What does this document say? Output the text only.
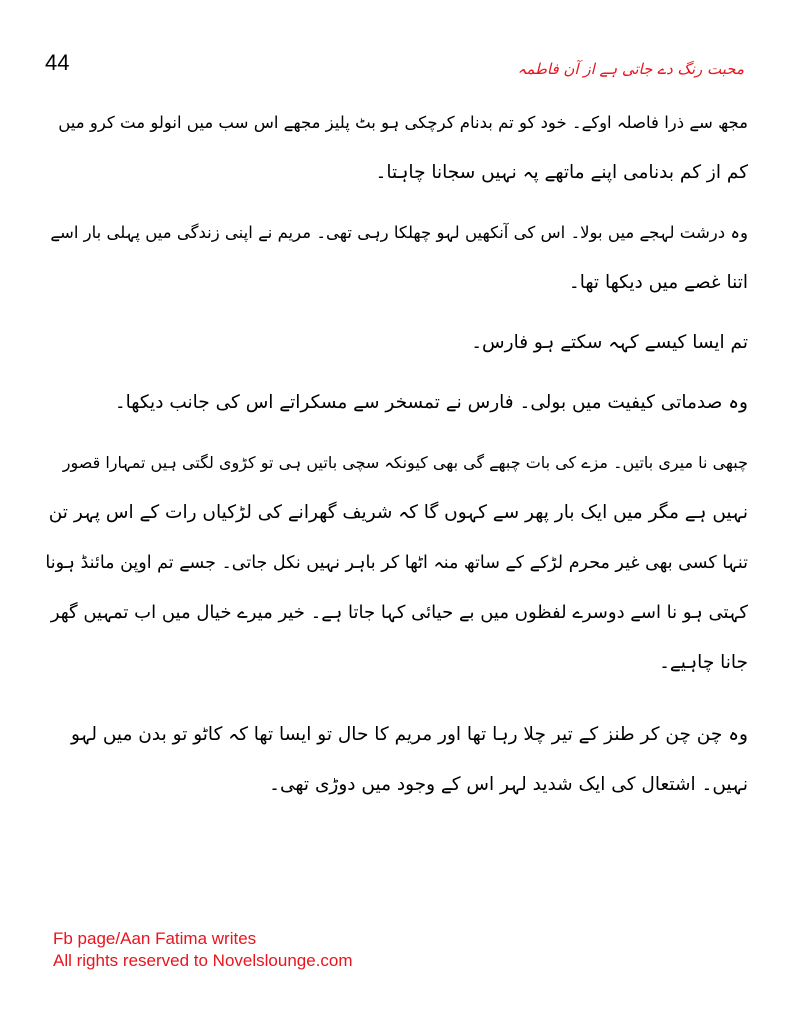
44	محبت رنگ دے جاتی ہے از آن فاطمہ
مجھ سے ذرا فاصلہ اوکے۔ خود کو تم بدنام کرچکی ہو بٹ پلیز مجھے اس سب میں انولو مت کرو میں
کم از کم بدنامی اپنے ماتھے پہ نہیں سجانا چاہتا۔
وہ درشت لہجے میں بولا۔ اس کی آنکھیں لہو چھلکا رہی تھی۔ مریم نے اپنی زندگی میں پہلی بار اسے
اتنا غصے میں دیکھا تھا۔
تم ایسا کیسے کہہ سکتے ہو فارس۔
وہ صدماتی کیفیت میں بولی۔ فارس نے تمسخر سے مسکراتے اس کی جانب دیکھا۔
چبھی نا میری باتیں۔ مزے کی بات چبھے گی بھی کیونکہ سچی باتیں ہی تو کڑوی لگتی ہیں تمہارا قصور
نہیں ہے مگر میں ایک بار پھر سے کہوں گا کہ شریف گھرانے کی لڑکیاں رات کے اس پہر تن
تنہا کسی بھی غیر محرم لڑکے کے ساتھ منہ اٹھا کر باہر نہیں نکل جاتی۔ جسے تم اوپن مائنڈ ہونا
کہتی ہو نا اسے دوسرے لفظوں میں بے حیائی کہا جاتا ہے۔ خیر میرے خیال میں اب تمہیں گھر
جانا چاہیے۔
وہ چن چن کر طنز کے تیر چلا رہا تھا اور مریم کا حال تو ایسا تھا کہ کاٹو تو بدن میں لہو
نہیں۔ اشتعال کی ایک شدید لہر اس کے وجود میں دوڑی تھی۔
Fb page/Aan Fatima writes
All rights reserved to Novelslounge.com
